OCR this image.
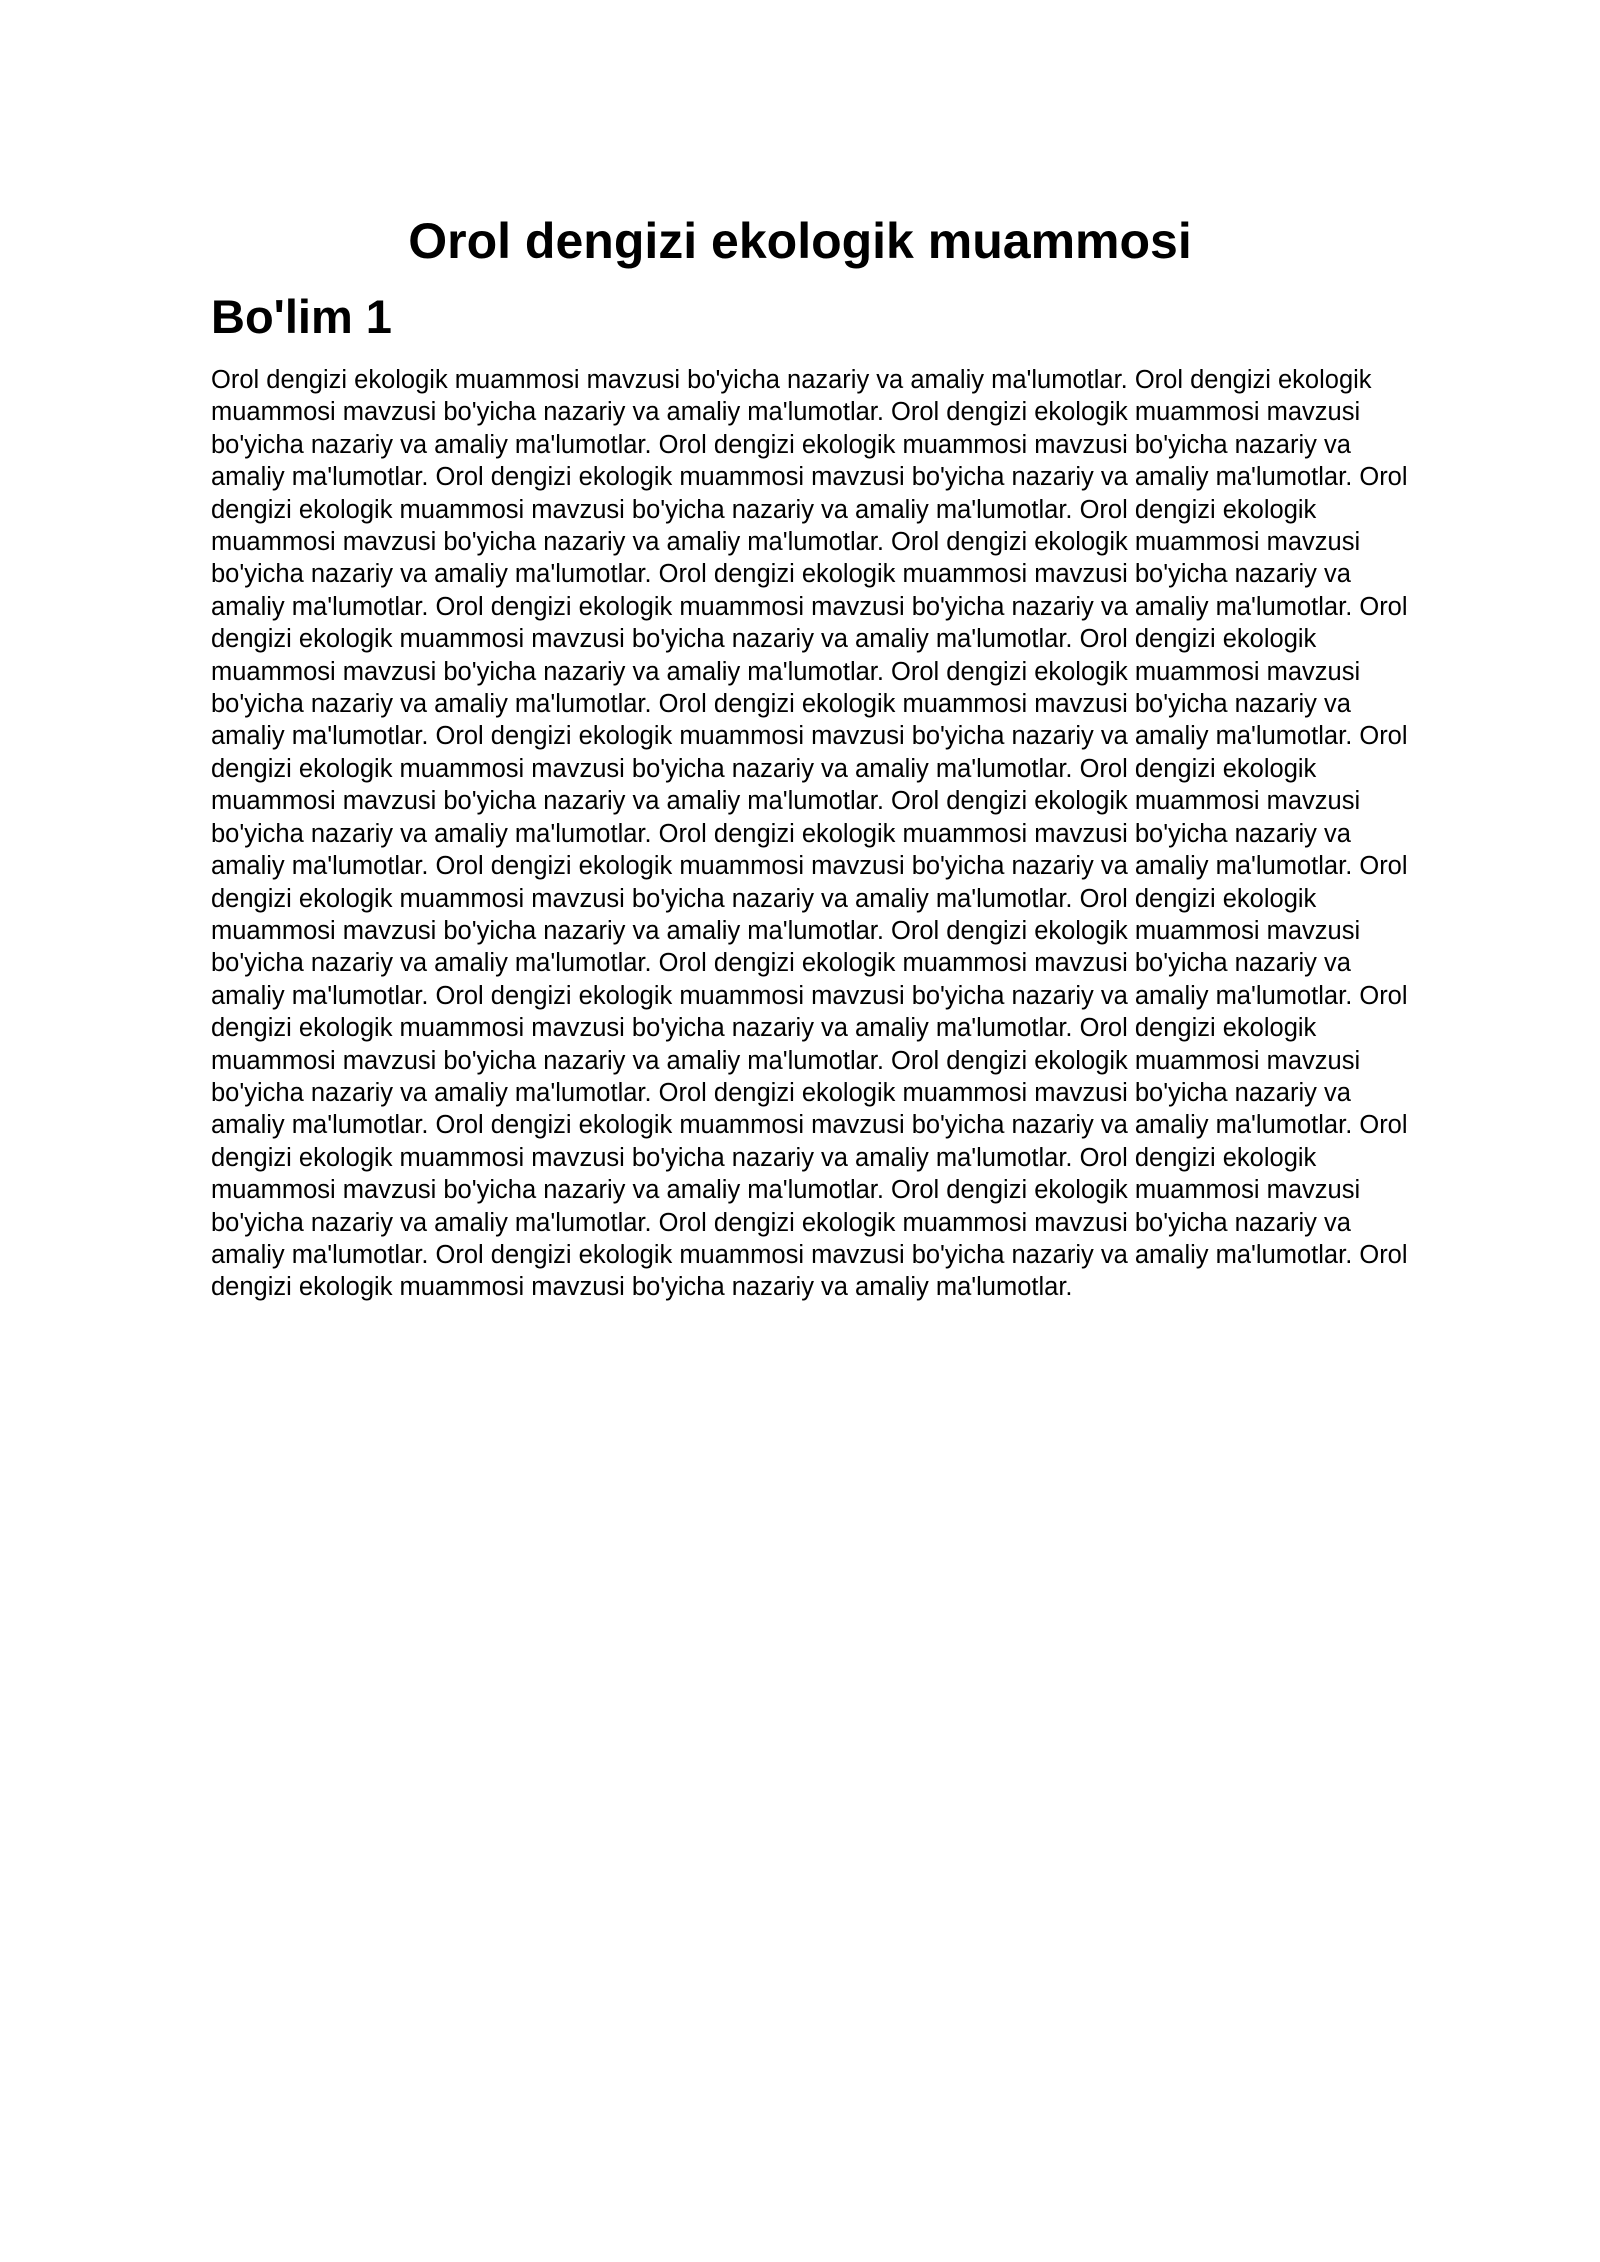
Orol dengizi ekologik muammosi
Bo'lim 1

Orol dengizi ekologik muammosi mavzusi bo'yicha nazariy va amaliy ma'lumotlar. Orol dengizi ekologik muammosi mavzusi bo'yicha nazariy va amaliy ma'lumotlar. Orol dengizi ekologik muammosi mavzusi bo'yicha nazariy va amaliy ma'lumotlar. Orol dengizi ekologik muammosi mavzusi bo'yicha nazariy va amaliy ma'lumotlar. Orol dengizi ekologik muammosi mavzusi bo'yicha nazariy va amaliy ma'lumotlar. Orol dengizi ekologik muammosi mavzusi bo'yicha nazariy va amaliy ma'lumotlar. Orol dengizi ekologik muammosi mavzusi bo'yicha nazariy va amaliy ma'lumotlar. Orol dengizi ekologik muammosi mavzusi bo'yicha nazariy va amaliy ma'lumotlar. Orol dengizi ekologik muammosi mavzusi bo'yicha nazariy va amaliy ma'lumotlar. Orol dengizi ekologik muammosi mavzusi bo'yicha nazariy va amaliy ma'lumotlar. Orol dengizi ekologik muammosi mavzusi bo'yicha nazariy va amaliy ma'lumotlar. Orol dengizi ekologik muammosi mavzusi bo'yicha nazariy va amaliy ma'lumotlar. Orol dengizi ekologik muammosi mavzusi bo'yicha nazariy va amaliy ma'lumotlar. Orol dengizi ekologik muammosi mavzusi bo'yicha nazariy va amaliy ma'lumotlar. Orol dengizi ekologik muammosi mavzusi bo'yicha nazariy va amaliy ma'lumotlar. Orol dengizi ekologik muammosi mavzusi bo'yicha nazariy va amaliy ma'lumotlar. Orol dengizi ekologik muammosi mavzusi bo'yicha nazariy va amaliy ma'lumotlar. Orol dengizi ekologik muammosi mavzusi bo'yicha nazariy va amaliy ma'lumotlar. Orol dengizi ekologik muammosi mavzusi bo'yicha nazariy va amaliy ma'lumotlar. Orol dengizi ekologik muammosi mavzusi bo'yicha nazariy va amaliy ma'lumotlar. Orol dengizi ekologik muammosi mavzusi bo'yicha nazariy va amaliy ma'lumotlar. Orol dengizi ekologik muammosi mavzusi bo'yicha nazariy va amaliy ma'lumotlar. Orol dengizi ekologik muammosi mavzusi bo'yicha nazariy va amaliy ma'lumotlar. Orol dengizi ekologik muammosi mavzusi bo'yicha nazariy va amaliy ma'lumotlar. Orol dengizi ekologik muammosi mavzusi bo'yicha nazariy va amaliy ma'lumotlar. Orol dengizi ekologik muammosi mavzusi bo'yicha nazariy va amaliy ma'lumotlar. Orol dengizi ekologik muammosi mavzusi bo'yicha nazariy va amaliy ma'lumotlar. Orol dengizi ekologik muammosi mavzusi bo'yicha nazariy va amaliy ma'lumotlar. Orol dengizi ekologik muammosi mavzusi bo'yicha nazariy va amaliy ma'lumotlar. Orol dengizi ekologik muammosi mavzusi bo'yicha nazariy va amaliy ma'lumotlar. Orol dengizi ekologik muammosi mavzusi bo'yicha nazariy va amaliy ma'lumotlar. Orol dengizi ekologik muammosi mavzusi bo'yicha nazariy va amaliy ma'lumotlar. Orol dengizi ekologik muammosi mavzusi bo'yicha nazariy va amaliy ma'lumotlar. Orol dengizi ekologik muammosi mavzusi bo'yicha nazariy va amaliy ma'lumotlar. Orol dengizi ekologik muammosi mavzusi bo'yicha nazariy va amaliy ma'lumotlar. Orol dengizi ekologik muammosi mavzusi bo'yicha nazariy va amaliy ma'lumotlar.
